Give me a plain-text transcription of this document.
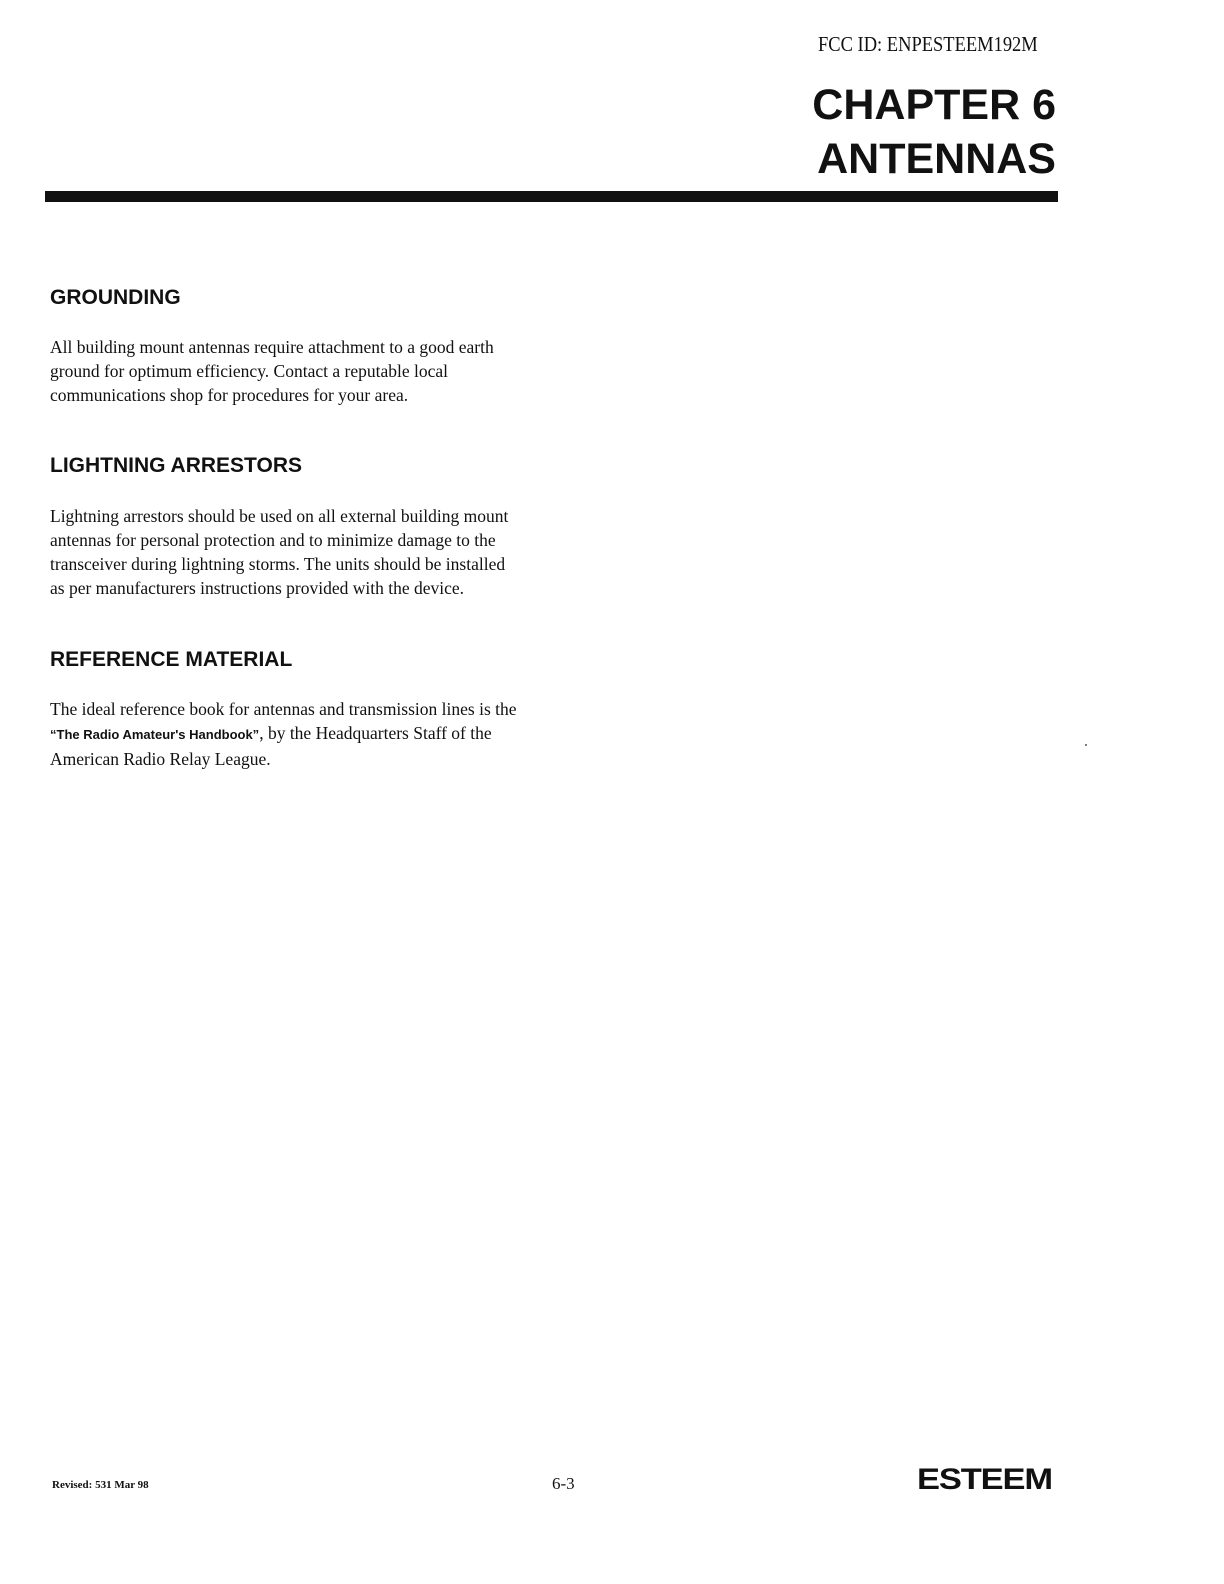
FCC ID: ENPESTEEM192M
CHAPTER 6
ANTENNAS
GROUNDING
All building mount antennas require attachment to a good earth ground for optimum efficiency. Contact a reputable local communications shop for procedures for your area.
LIGHTNING ARRESTORS
Lightning arrestors should be used on all external building mount antennas for personal protection and to minimize damage to the transceiver during lightning storms. The units should be installed as per manufacturers instructions provided with the device.
REFERENCE MATERIAL
The ideal reference book for antennas and transmission lines is the “The Radio Amateur's Handbook”, by the Headquarters Staff of the American Radio Relay League.
Revised: 531 Mar 98	6-3	ESTEEM
